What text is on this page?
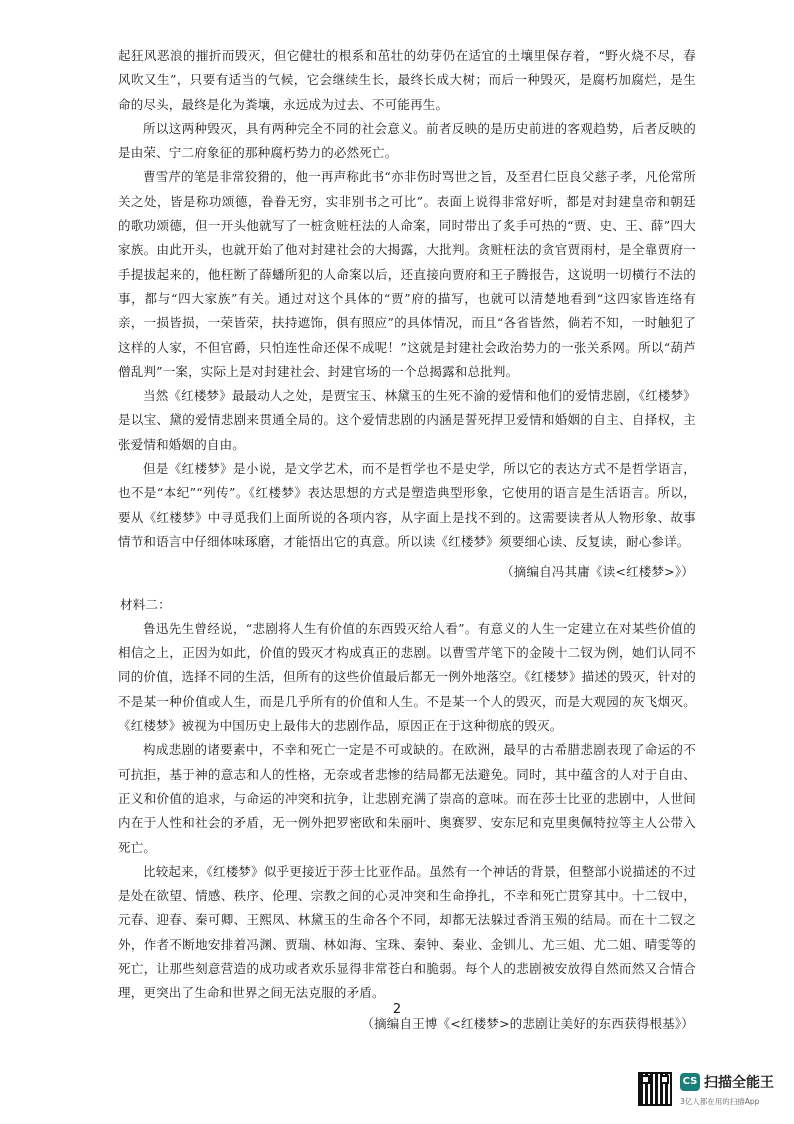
起狂风恶浪的摧折而毁灭，但它健壮的根系和茁壮的幼芽仍在适宜的土壤里保存着，“野火烧不尽，春风吹又生”，只要有适当的气候，它会继续生长，最终长成大树；而后一种毁灭，是腐朽加腐烂，是生命的尽头，最终是化为粪壤，永远成为过去、不可能再生。

所以这两种毁灭，具有两种完全不同的社会意义。前者反映的是历史前进的客观趋势，后者反映的是由荣、宁二府象征的那种腐朽势力的必然死亡。

曹雪芹的笔是非常狡猾的，他一再声称此书“亦非伤时骂世之旨，及至君仁臣良父慈子孝，凡伦常所关之处，皆是称功颂德，眷眷无穷，实非别书之可比”。表面上说得非常好听，都是对封建皇帝和朝廷的歌功颂德，但一开头他就写了一桩贪赃枉法的人命案，同时带出了炙手可热的“贾、史、王、薛”四大家族。由此开头，也就开始了他对封建社会的大揭露，大批判。贪赃枉法的贪官贾雨村，是全靠贾府一手提拔起来的，他枉断了薛蟠所犯的人命案以后，还直接向贾府和王子腾报告，这说明一切横行不法的事，都与“四大家族”有关。通过对这个具体的“贾”府的描写，也就可以清楚地看到“这四家皆连络有亲，一损皆损，一荣皆荣，扶持遮饰，俱有照应”的具体情况，而且“各省皆然，倘若不知，一时触犯了这样的人家，不但官爵，只怕连性命还保不成呢！”这就是封建社会政治势力的一张关系网。所以“葫芦僧乱判”一案，实际上是对封建社会、封建官场的一个总揭露和总批判。

当然《红楼梦》最最动人之处，是贾宝玉、林黛玉的生死不渝的爱情和他们的爱情悲剧，《红楼梦》是以宝、黛的爱情悲剧来贯通全局的。这个爱情悲剧的内涵是誓死捍卫爱情和婚姻的自主、自择权，主张爱情和婚姻的自由。

但是《红楼梦》是小说，是文学艺术，而不是哲学也不是史学，所以它的表达方式不是哲学语言，也不是“本纪”“列传”。《红楼梦》表达思想的方式是塑造典型形象，它使用的语言是生活语言。所以，要从《红楼梦》中寻觅我们上面所说的各项内容，从字面上是找不到的。这需要读者从人物形象、故事情节和语言中仔细体味琢磨，才能悟出它的真意。所以读《红楼梦》须要细心读、反复读，耐心参详。

（摘编自冯其庸《读<红楼梦>》）

材料二：

鲁迅先生曾经说，“悲剧将人生有价值的东西毁灭给人看”。有意义的人生一定建立在对某些价值的相信之上，正因为如此，价值的毁灭才构成真正的悲剧。以曹雪芹笔下的金陵十二钗为例，她们认同不同的价值，选择不同的生活，但所有的这些价值最后都无一例外地落空。《红楼梦》描述的毁灭，针对的不是某一种价值或人生，而是几乎所有的价值和人生。不是某一个人的毁灭，而是大观园的灰飞烟灭。《红楼梦》被视为中国历史上最伟大的悲剧作品，原因正在于这种彻底的毁灭。

构成悲剧的诸要素中，不幸和死亡一定是不可或缺的。在欧洲，最早的古希腊悲剧表现了命运的不可抗拒，基于神的意志和人的性格，无奈或者悲惨的结局都无法避免。同时，其中蕴含的人对于自由、正义和价值的追求，与命运的冲突和抗争，让悲剧充满了崇高的意味。而在莎士比亚的悲剧中，人世间内在于人性和社会的矛盾，无一例外把罗密欧和朱丽叶、奥赛罗、安东尼和克里奥佩特拉等主人公带入死亡。

比较起来，《红楼梦》似乎更接近于莎士比亚作品。虽然有一个神话的背景，但整部小说描述的不过是处在欲望、情感、秩序、伦理、宗教之间的心灵冲突和生命挣扎，不幸和死亡贯穿其中。十二钗中，元春、迎春、秦可卿、王熙凤、林黛玉的生命各个不同，却都无法躲过香消玉殒的结局。而在十二钗之外，作者不断地安排着冯渊、贾瑞、林如海、宝珠、秦钟、秦业、金钏儿、尤三姐、尤二姐、晴雯等的死亡，让那些刻意营造的成功或者欢乐显得非常苍白和脆弱。每个人的悲剧被安放得自然而然又合情合理，更突出了生命和世界之间无法克服的矛盾。

（摘编自王博《<红楼梦>的悲剧让美好的东西获得根基》）

2
CS 扫描全能王
3亿人都在用的扫描App
